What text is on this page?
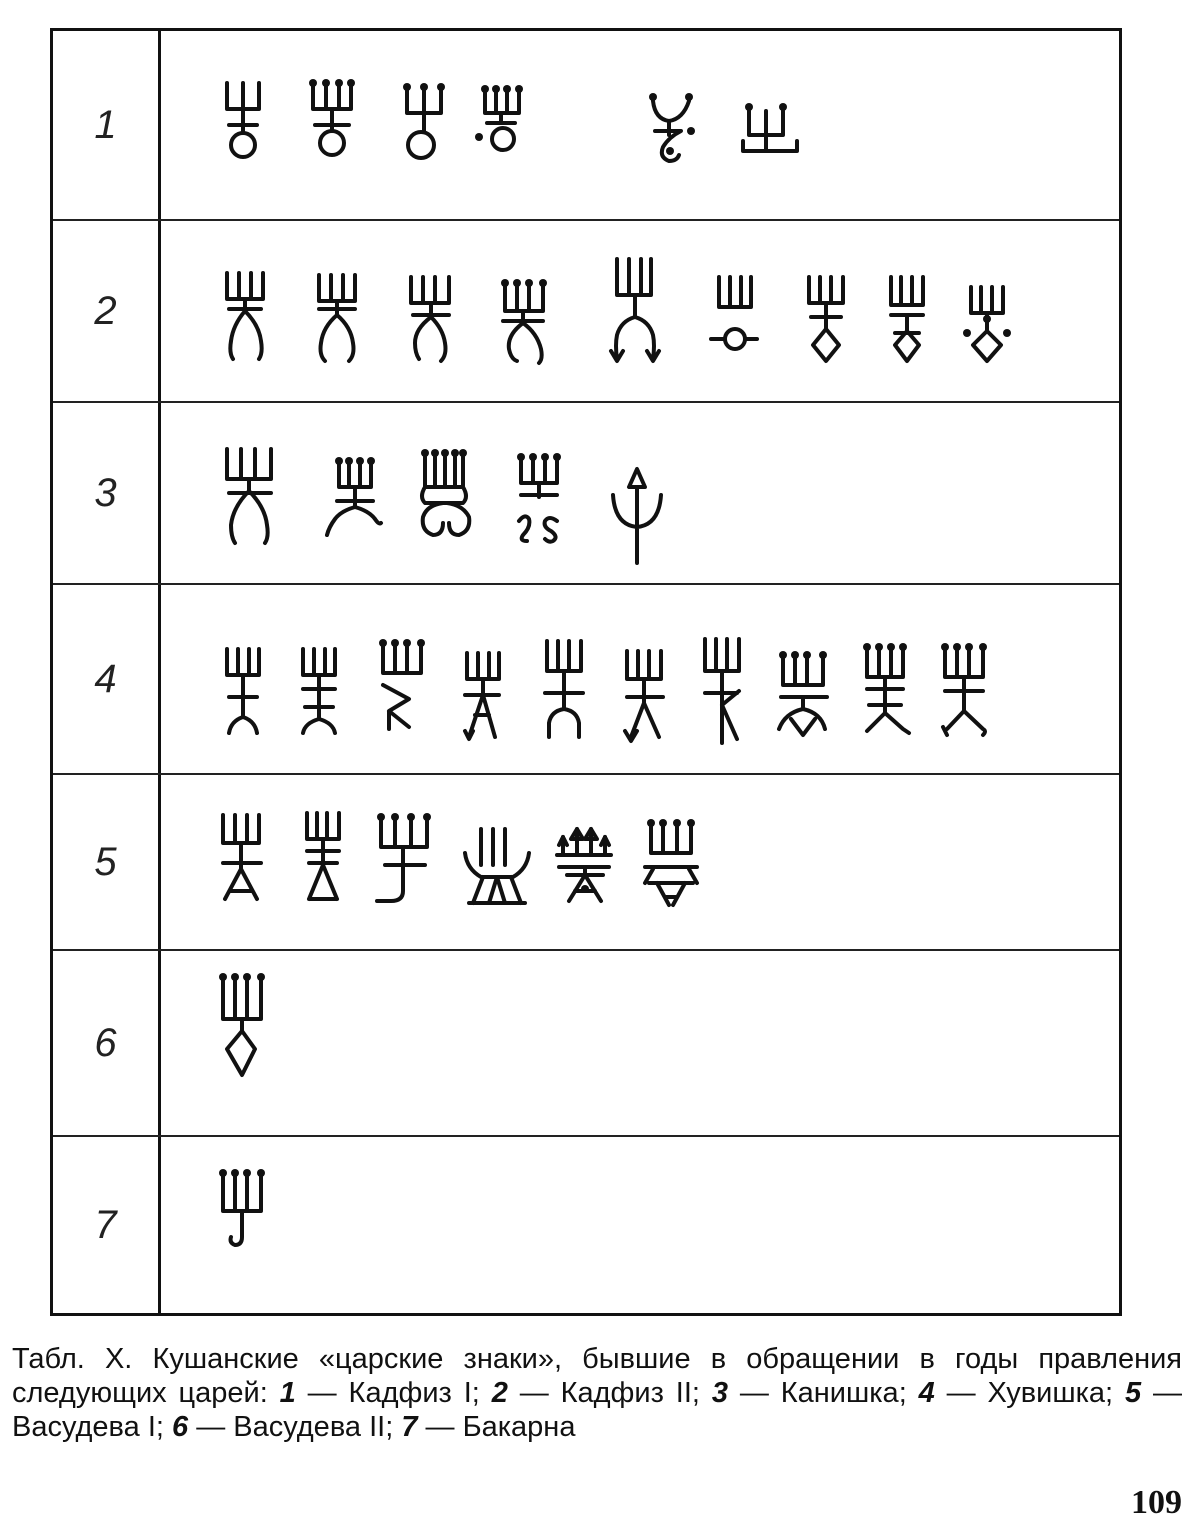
1
2
3
4
5
6
7
Табл. X. Кушанские «царские знаки», бывшие в обращении в годы правления следующих царей: 1 — Кадфиз I; 2 — Кадфиз II; 3 — Канишка; 4 — Хувишка; 5 — Васудева I; 6 — Васудева II; 7 — Бакарна
109
